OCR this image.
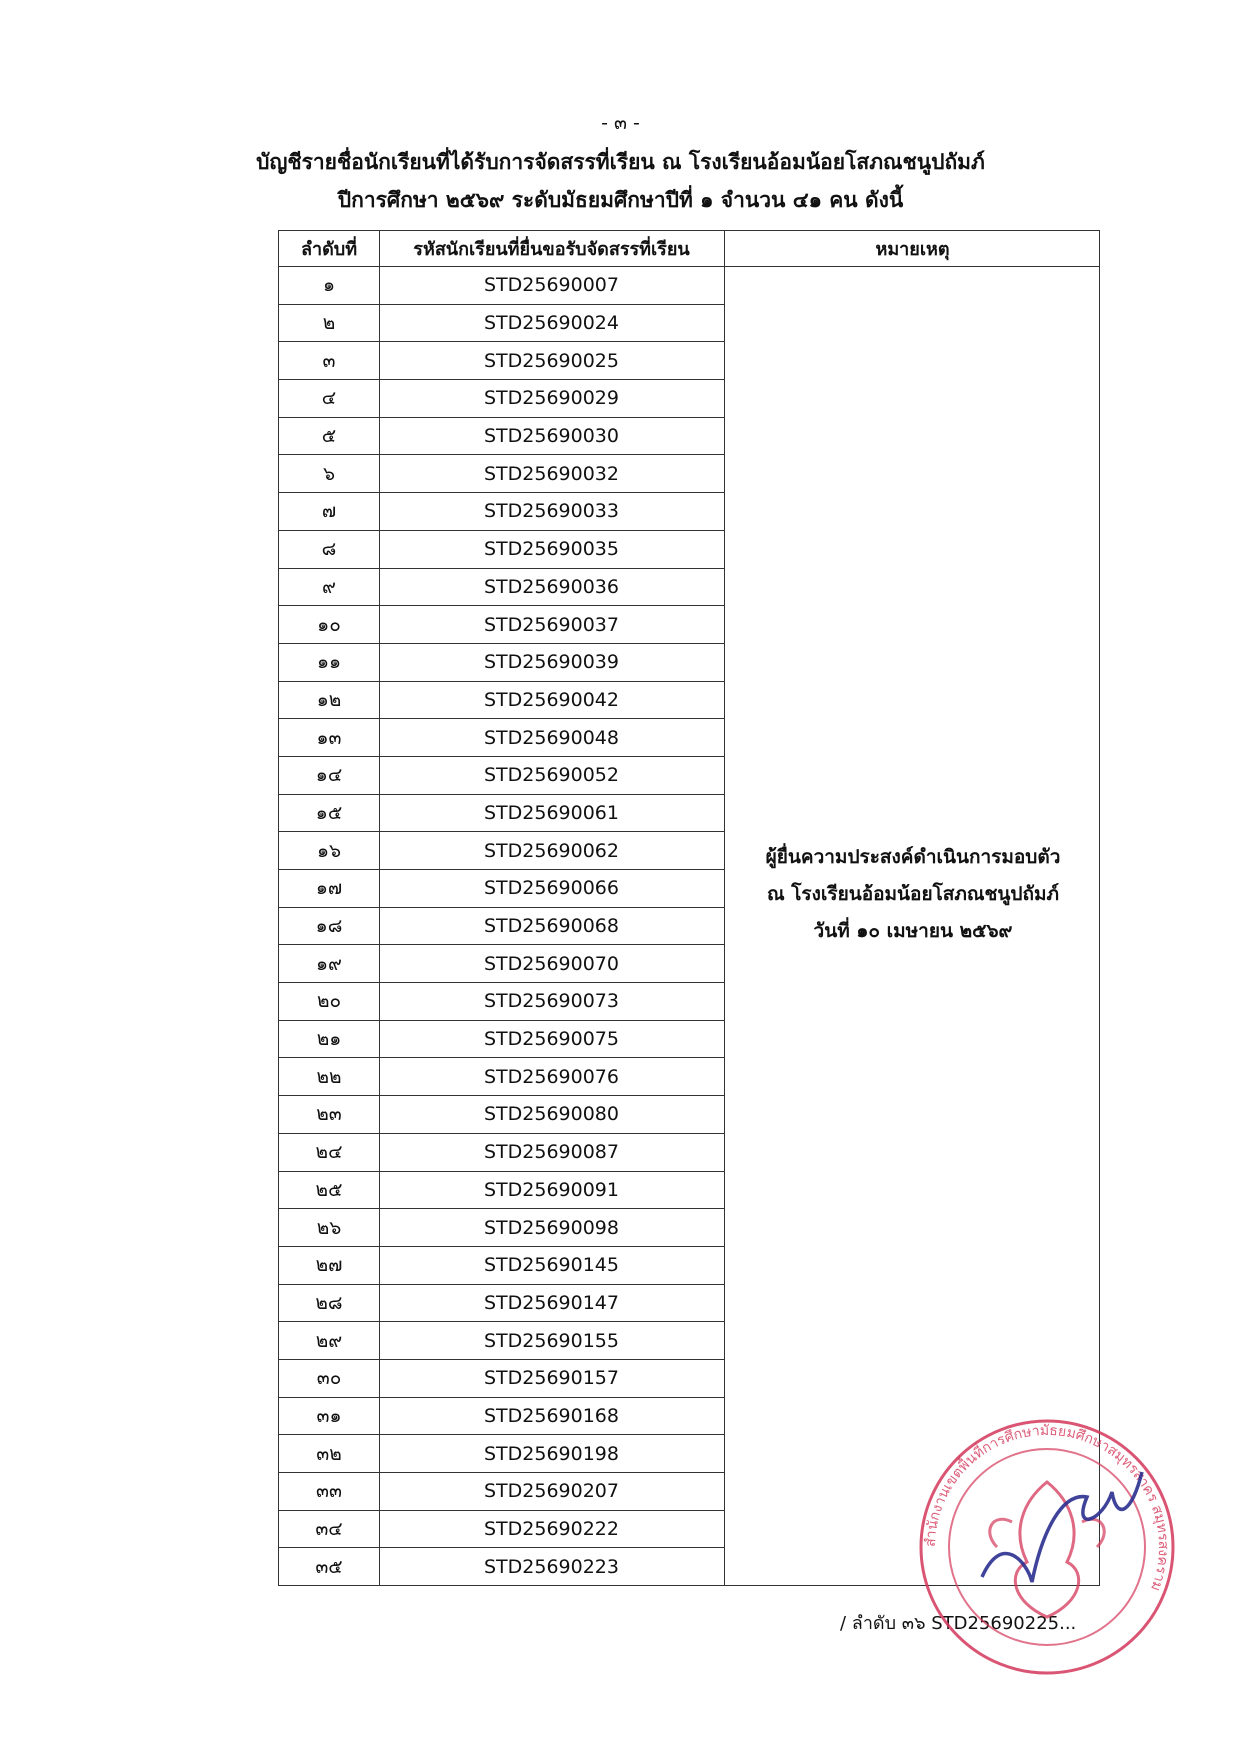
- ๓ -
บัญชีรายชื่อนักเรียนที่ได้รับการจัดสรรที่เรียน ณ โรงเรียนอ้อมน้อยโสภณชนูปถัมภ์
ปีการศึกษา ๒๕๖๙ ระดับมัธยมศึกษาปีที่ ๑ จำนวน ๔๑ คน ดังนี้
ลำดับที่	รหัสนักเรียนที่ยื่นขอรับจัดสรรที่เรียน	หมายเหตุ
๑	STD25690007
๒	STD25690024
๓	STD25690025
๔	STD25690029
๕	STD25690030
๖	STD25690032
๗	STD25690033
๘	STD25690035
๙	STD25690036
๑๐	STD25690037
๑๑	STD25690039
๑๒	STD25690042
๑๓	STD25690048
๑๔	STD25690052
๑๕	STD25690061
๑๖	STD25690062
๑๗	STD25690066
๑๘	STD25690068
๑๙	STD25690070
๒๐	STD25690073
๒๑	STD25690075
๒๒	STD25690076
๒๓	STD25690080
๒๔	STD25690087
๒๕	STD25690091
๒๖	STD25690098
๒๗	STD25690145
๒๘	STD25690147
๒๙	STD25690155
๓๐	STD25690157
๓๑	STD25690168
๓๒	STD25690198
๓๓	STD25690207
๓๔	STD25690222
๓๕	STD25690223
ผู้ยื่นความประสงค์ดำเนินการมอบตัว
ณ โรงเรียนอ้อมน้อยโสภณชนูปถัมภ์
วันที่ ๑๐ เมษายน ๒๕๖๙
/ ลำดับ ๓๖ STD25690225...
สำนักงานเขตพื้นที่การศึกษามัธยมศึกษาสมุทรสาคร สมุทรสงคราม
